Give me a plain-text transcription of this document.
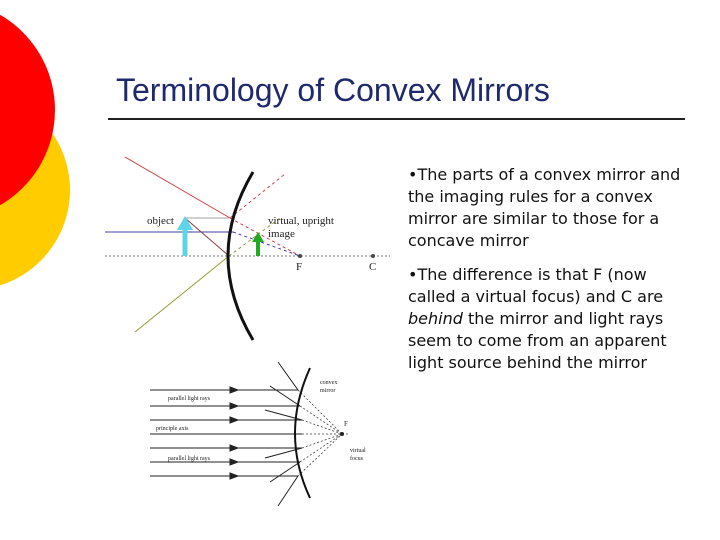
Terminology of Convex Mirrors
object	virtual, upright
image
F	C
convex
mirror
parallel light rays
principle axis
parallel light rays
F
virtual
focus

•The parts of a convex mirror and the imaging rules for a convex mirror are similar to those for a concave mirror

•The difference is that F (now called a virtual focus) and C are behind the mirror and light rays seem to come from an apparent light source behind the mirror
